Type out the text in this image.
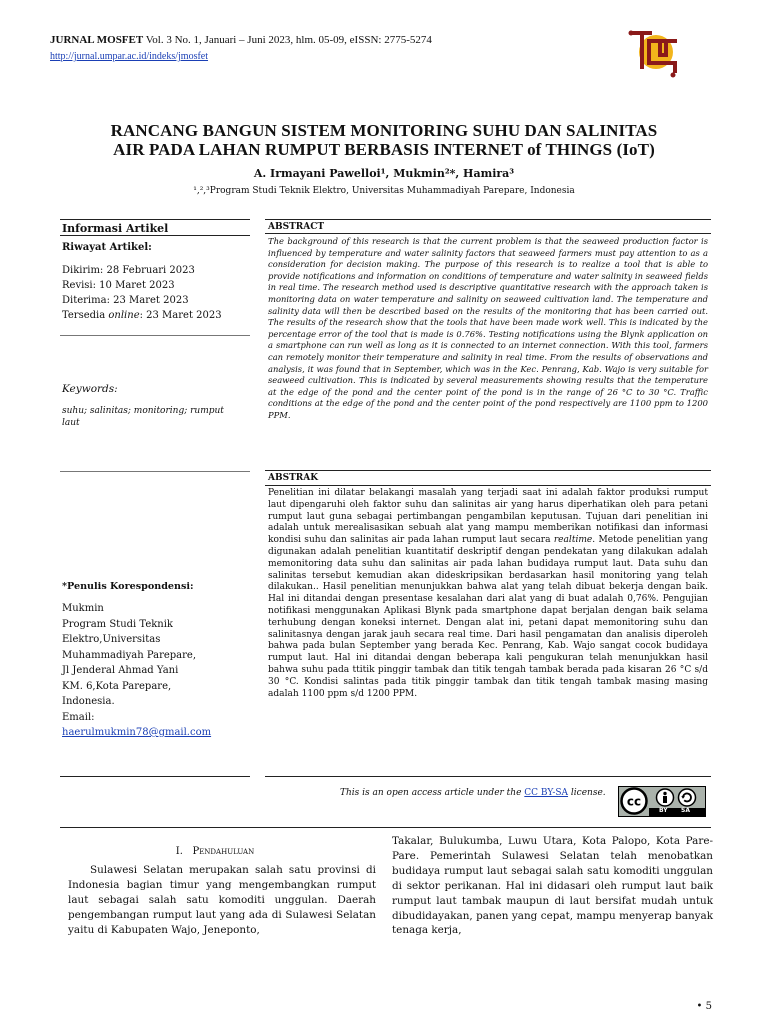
JURNAL MOSFET Vol. 3 No. 1, Januari – Juni 2023, hlm. 05-09, eISSN: 2775-5274
http://jurnal.umpar.ac.id/indeks/jmosfet
RANCANG BANGUN SISTEM MONITORING SUHU DAN SALINITAS
AIR PADA LAHAN RUMPUT BERBASIS INTERNET of THINGS (IoT)
A. Irmayani Pawelloi¹, Mukmin²*, Hamira³
¹,²,³Program Studi Teknik Elektro, Universitas Muhammadiyah Parepare, Indonesia
Informasi Artikel
Riwayat Artikel:
Dikirim: 28 Februari 2023
Revisi: 10 Maret 2023
Diterima: 23 Maret 2023
Tersedia online: 23 Maret 2023
Keywords:
suhu; salinitas; monitoring; rumput laut
*Penulis Korespondensi:
Mukmin
Program Studi Teknik
Elektro,Universitas
Muhammadiyah Parepare,
Jl Jenderal Ahmad Yani
KM. 6,Kota Parepare,
Indonesia.
Email:
haerulmukmin78@gmail.com
ABSTRACT
The background of this research is that the current problem is that the seaweed production factor is influenced by temperature and water salinity factors that seaweed farmers must pay attention to as a consideration for decision making. The purpose of this research is to realize a tool that is able to provide notifications and information on conditions of temperature and water salinity in seaweed fields in real time. The research method used is descriptive quantitative research with the approach taken is monitoring data on water temperature and salinity on seaweed cultivation land. The temperature and salinity data will then be described based on the results of the monitoring that has been carried out. The results of the research show that the tools that have been made work well. This is indicated by the percentage error of the tool that is made is 0.76%. Testing notifications using the Blynk application on a smartphone can run well as long as it is connected to an internet connection. With this tool, farmers can remotely monitor their temperature and salinity in real time. From the results of observations and analysis, it was found that in September, which was in the Kec. Penrang, Kab. Wajo is very suitable for seaweed cultivation. This is indicated by several measurements showing results that the temperature at the edge of the pond and the center point of the pond is in the range of 26 °C to 30 °C. Traffic conditions at the edge of the pond and the center point of the pond respectively are 1100 ppm to 1200 PPM.
ABSTRAK
Penelitian ini dilatar belakangi masalah yang terjadi saat ini adalah faktor produksi rumput laut dipengaruhi oleh faktor suhu dan salinitas air yang harus diperhatikan oleh para petani rumput laut guna sebagai pertimbangan pengambilan keputusan. Tujuan dari penelitian ini adalah untuk merealisasikan sebuah alat yang mampu memberikan notifikasi dan informasi kondisi suhu dan salinitas air pada lahan rumput laut secara realtime. Metode penelitian yang digunakan adalah penelitian kuantitatif deskriptif dengan pendekatan yang dilakukan adalah memonitoring data suhu dan salinitas air pada lahan budidaya rumput laut. Data suhu dan salinitas tersebut kemudian akan dideskripsikan berdasarkan hasil monitoring yang telah dilakukan.. Hasil penelitian menunjukkan bahwa alat yang telah dibuat bekerja dengan baik. Hal ini ditandai dengan presentase kesalahan dari alat yang di buat adalah 0,76%. Pengujian notifikasi menggunakan Aplikasi Blynk pada smartphone dapat berjalan dengan baik selama terhubung dengan koneksi internet. Dengan alat ini, petani dapat memonitoring suhu dan salinitasnya dengan jarak jauh secara real time. Dari hasil pengamatan dan analisis diperoleh bahwa pada bulan September yang berada Kec. Penrang, Kab. Wajo sangat cocok budidaya rumput laut. Hal ini ditandai dengan beberapa kali pengukuran telah menunjukkan hasil bahwa suhu pada ttitik pinggir tambak dan titik tengah tambak berada pada kisaran 26 °C s/d 30 °C. Kondisi salintas pada titik pinggir tambak dan titik tengah tambak masing masing adalah 1100 ppm s/d 1200 PPM.
This is an open access article under the CC BY-SA license.
cc
BY SA
I. Pendahuluan
Sulawesi Selatan merupakan salah satu provinsi di Indonesia bagian timur yang mengembangkan rumput laut sebagai salah satu komoditi unggulan. Daerah pengembangan rumput laut yang ada di Sulawesi Selatan yaitu di Kabupaten Wajo, Jeneponto,
Takalar, Bulukumba, Luwu Utara, Kota Palopo, Kota Pare-Pare. Pemerintah Sulawesi Selatan telah menobatkan budidaya rumput laut sebagai salah satu komoditi unggulan di sektor perikanan. Hal ini didasari oleh rumput laut baik rumput laut tambak maupun di laut bersifat mudah untuk dibudidayakan, panen yang cepat, mampu menyerap banyak tenaga kerja,
• 5
